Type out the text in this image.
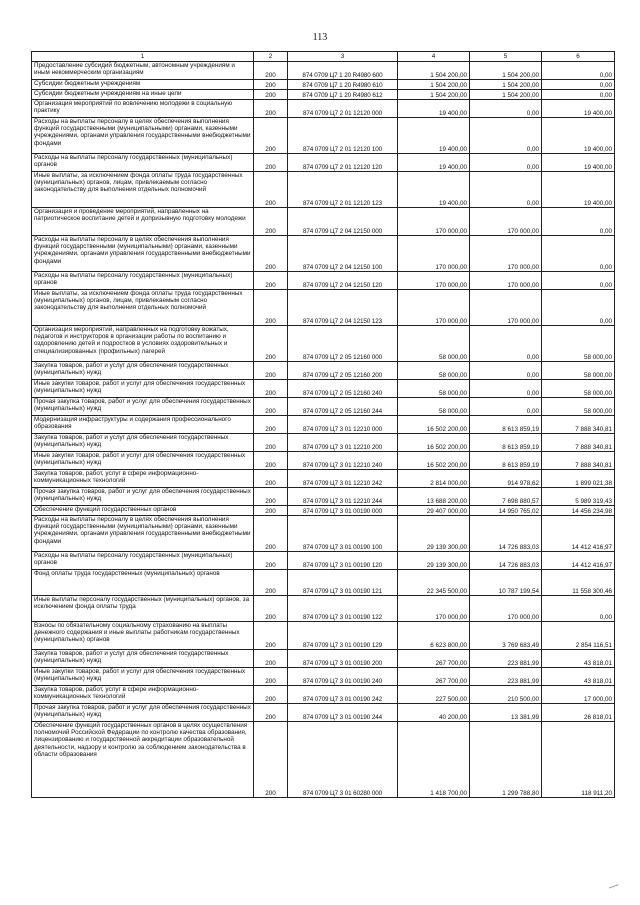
113
1	2	3	4	5	6
Предоставление субсидий бюджетным, автономным учреждениям и иным некоммерческим организациям	200	874 0709 Ц7 1 20 R4980 600	1 504 200,00	1 504 200,00	0,00
Субсидии бюджетным учреждениям	200	874 0709 Ц7 1 20 R4980 610	1 504 200,00	1 504 200,00	0,00
Субсидии бюджетным учреждениям на иные цели	200	874 0709 Ц7 1 20 R4980 612	1 504 200,00	1 504 200,00	0,00
Организация мероприятий по вовлечению молодежи в социальную практику	200	874 0709 Ц7 2 01 12120 000	19 400,00	0,00	19 400,00
Расходы на выплаты персоналу в целях обеспечения выполнения функций государственными (муниципальными) органами, казенными учреждениями, органами управления государственными внебюджетными фондами	200	874 0709 Ц7 2 01 12120 100	19 400,00	0,00	19 400,00
Расходы на выплаты персоналу государственных (муниципальных) органов	200	874 0709 Ц7 2 01 12120 120	19 400,00	0,00	19 400,00
Иные выплаты, за исключением фонда оплаты труда государственных (муниципальных) органов, лицам, привлекаемым согласно законодательству для выполнения отдельных полномочий	200	874 0709 Ц7 2 01 12120 123	19 400,00	0,00	19 400,00
Организация и проведение мероприятий, направленных на патриотическое воспитание детей и допризывную подготовку молодежи	200	874 0709 Ц7 2 04 12150 000	170 000,00	170 000,00	0,00
Расходы на выплаты персоналу в целях обеспечения выполнения функций государственными (муниципальными) органами, казенными учреждениями, органами управления государственными внебюджетными фондами	200	874 0709 Ц7 2 04 12150 100	170 000,00	170 000,00	0,00
Расходы на выплаты персоналу государственных (муниципальных) органов	200	874 0709 Ц7 2 04 12150 120	170 000,00	170 000,00	0,00
Иные выплаты, за исключением фонда оплаты труда государственных (муниципальных) органов, лицам, привлекаемым согласно законодательству для выполнения отдельных полномочий	200	874 0709 Ц7 2 04 12150 123	170 000,00	170 000,00	0,00
Организация мероприятий, направленных на подготовку вожатых, педагогов и инструкторов в организации работы по воспитанию и оздоровлению детей и подростков в условиях оздоровительных и специализированных (профильных) лагерей	200	874 0709 Ц7 2 05 12160 000	58 000,00	0,00	58 000,00
Закупка товаров, работ и услуг для обеспечения государственных (муниципальных) нужд	200	874 0709 Ц7 2 05 12160 200	58 000,00	0,00	58 000,00
Иные закупки товаров, работ и услуг для обеспечения государственных (муниципальных) нужд	200	874 0709 Ц7 2 05 12160 240	58 000,00	0,00	58 000,00
Прочая закупка товаров, работ и услуг для обеспечения государственных (муниципальных) нужд	200	874 0709 Ц7 2 05 12160 244	58 000,00	0,00	58 000,00
Модернизация инфраструктуры и содержания профессионального образования	200	874 0709 Ц7 3 01 12210 000	16 502 200,00	8 613 859,19	7 888 340,81
Закупка товаров, работ и услуг для обеспечения государственных (муниципальных) нужд	200	874 0709 Ц7 3 01 12210 200	16 502 200,00	8 613 859,19	7 888 340,81
Иные закупки товаров, работ и услуг для обеспечения государственных (муниципальных) нужд	200	874 0709 Ц7 3 01 12210 240	16 502 200,00	8 613 859,19	7 888 340,81
Закупка товаров, работ, услуг в сфере информационно-коммуникационных технологий	200	874 0709 Ц7 3 01 12210 242	2 814 000,00	914 978,62	1 899 021,38
Прочая закупка товаров, работ и услуг для обеспечения государственных (муниципальных) нужд	200	874 0709 Ц7 3 01 12210 244	13 688 200,00	7 698 880,57	5 989 319,43
Обеспечение функций государственных органов	200	874 0709 Ц7 3 01 00190 000	29 407 000,00	14 950 765,02	14 456 234,98
Расходы на выплаты персоналу в целях обеспечения выполнения функций государственными (муниципальными) органами, казенными учреждениями, органами управления государственными внебюджетными фондами	200	874 0709 Ц7 3 01 00190 100	29 139 300,00	14 726 883,03	14 412 416,97
Расходы на выплаты персоналу государственных (муниципальных) органов	200	874 0709 Ц7 3 01 00190 120	29 139 300,00	14 726 883,03	14 412 416,97
Фонд оплаты труда государственных (муниципальных) органов	200	874 0709 Ц7 3 01 00190 121	22 345 500,00	10 787 199,54	11 558 300,46
Иные выплаты персоналу государственных (муниципальных) органов, за исключением фонда оплаты труда	200	874 0709 Ц7 3 01 00190 122	170 000,00	170 000,00	0,00
Взносы по обязательному социальному страхованию на выплаты денежного содержания и иные выплаты работникам государственных (муниципальных) органов	200	874 0709 Ц7 3 01 00190 129	6 623 800,00	3 769 683,49	2 854 116,51
Закупка товаров, работ и услуг для обеспечения государственных (муниципальных) нужд	200	874 0709 Ц7 3 01 00190 200	267 700,00	223 881,99	43 818,01
Иные закупки товаров, работ и услуг для обеспечения государственных (муниципальных) нужд	200	874 0709 Ц7 3 01 00190 240	267 700,00	223 881,99	43 818,01
Закупка товаров, работ, услуг в сфере информационно-коммуникационных технологий	200	874 0709 Ц7 3 01 00190 242	227 500,00	210 500,00	17 000,00
Прочая закупка товаров, работ и услуг для обеспечения государственных (муниципальных) нужд	200	874 0709 Ц7 3 01 00190 244	40 200,00	13 381,99	26 818,01
Обеспечение функций государственных органов в целях осуществления полномочий Российской Федерации по контролю качества образования, лицензированию и государственной аккредитации образовательной деятельности, надзору и контролю за соблюдением законодательства в области образования	200	874 0709 Ц7 3 01 60280 000	1 418 700,00	1 299 788,80	118 911,20
